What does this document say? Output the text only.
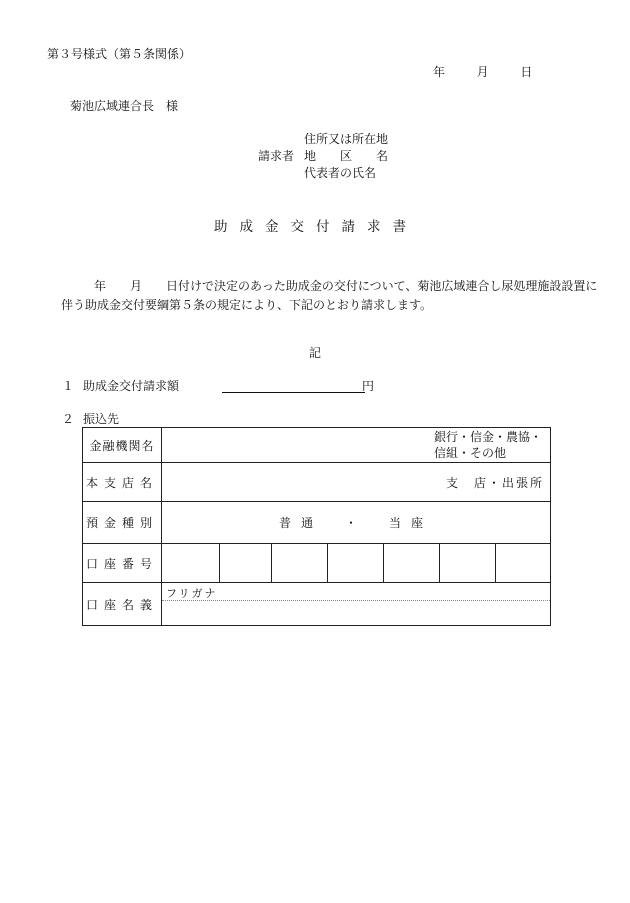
第３号様式（第５条関係）
年	月	日
菊池広域連合長　様
住所又は所在地
請求者 地　　区　　名
代表者の氏名
助成金交付請求書
年　　月　　日付けで決定のあった助成金の交付について、菊池広域連合し尿処理施設設置に
伴う助成金交付要綱第５条の規定により、下記のとおり請求します。
記
１ 助成金交付請求額	円
２ 振込先
金融機関名	銀行・信金・農協・
信組・その他						

本支店名	支　店・出張所						
預金種別	普通　・　当座						
口座番号							
口座名義	フリガナ						
